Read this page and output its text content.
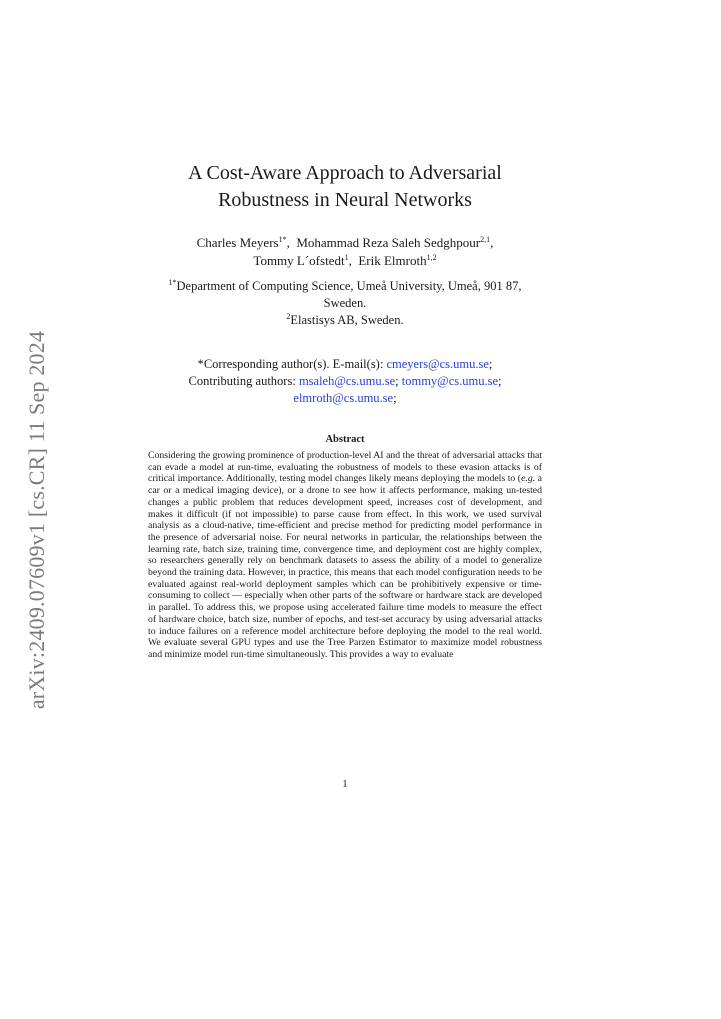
arXiv:2409.07609v1 [cs.CR] 11 Sep 2024
A Cost-Aware Approach to Adversarial
Robustness in Neural Networks
Charles Meyers$^{1*}$,  Mohammad Reza Saleh Sedghpour$^{2,1}$,
Tommy L´ofstedt$^1$,  Erik Elmroth$^{1,2}$
$^{1*}$Department of Computing Science, Umeå University, Umeå, 901 87,
Sweden.
$^2$Elastisys AB, Sweden.
*Corresponding author(s). E-mail(s): cmeyers@cs.umu.se;
Contributing authors: msaleh@cs.umu.se; tommy@cs.umu.se;
elmroth@cs.umu.se;
Abstract
Considering the growing prominence of production-level AI and the threat of adversarial attacks that can evade a model at run-time, evaluating the robustness of models to these evasion attacks is of critical importance. Additionally, testing model changes likely means deploying the models to (e.g. a car or a medical imaging device), or a drone to see how it affects performance, making un-tested changes a public problem that reduces development speed, increases cost of development, and makes it difficult (if not impossible) to parse cause from effect. In this work, we used survival analysis as a cloud-native, time-efficient and precise method for predicting model performance in the presence of adversarial noise. For neural networks in particular, the relationships between the learning rate, batch size, training time, convergence time, and deployment cost are highly complex, so researchers generally rely on benchmark datasets to assess the ability of a model to generalize beyond the training data. However, in practice, this means that each model configuration needs to be evaluated against real-world deployment samples which can be prohibitively expensive or time-consuming to collect — especially when other parts of the software or hardware stack are developed in parallel. To address this, we propose using accelerated failure time models to measure the effect of hardware choice, batch size, number of epochs, and test-set accuracy by using adversarial attacks to induce failures on a reference model architecture before deploying the model to the real world. We evaluate several GPU types and use the Tree Parzen Estimator to maximize model robustness and minimize model run-time simultaneously. This provides a way to evaluate
1
